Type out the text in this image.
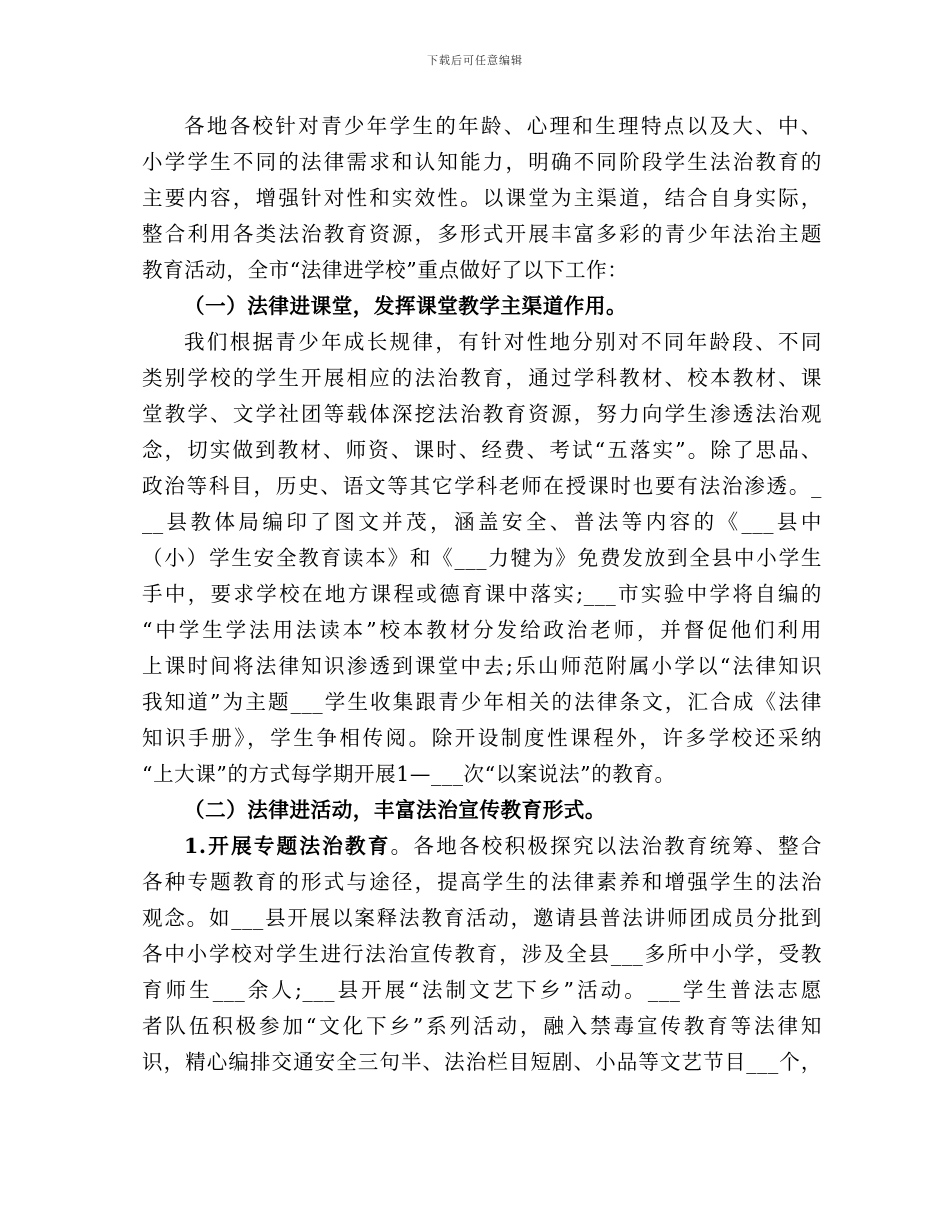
下载后可任意编辑
各地各校针对青少年学生的年龄、心理和生理特点以及大、中、
小学学生不同的法律需求和认知能力，明确不同阶段学生法治教育的
主要内容，增强针对性和实效性。以课堂为主渠道，结合自身实际，
整合利用各类法治教育资源，多形式开展丰富多彩的青少年法治主题
教育活动，全市“法律进学校”重点做好了以下工作：
（一）法律进课堂，发挥课堂教学主渠道作用。
我们根据青少年成长规律，有针对性地分别对不同年龄段、不同
类别学校的学生开展相应的法治教育，通过学科教材、校本教材、课
堂教学、文学社团等载体深挖法治教育资源，努力向学生渗透法治观
念，切实做到教材、师资、课时、经费、考试“五落实”。除了思品、
政治等科目，历史、语文等其它学科老师在授课时也要有法治渗透。_
__县教体局编印了图文并茂，涵盖安全、普法等内容的《___县中
（小）学生安全教育读本》和《___力犍为》免费发放到全县中小学生
手中，要求学校在地方课程或德育课中落实;___市实验中学将自编的
“中学生学法用法读本”校本教材分发给政治老师，并督促他们利用
上课时间将法律知识渗透到课堂中去;乐山师范附属小学以“法律知识
我知道”为主题___学生收集跟青少年相关的法律条文，汇合成《法律
知识手册》，学生争相传阅。除开设制度性课程外，许多学校还采纳
“上大课”的方式每学期开展1—___次“以案说法”的教育。
（二）法律进活动，丰富法治宣传教育形式。
1.开展专题法治教育。各地各校积极探究以法治教育统筹、整合
各种专题教育的形式与途径，提高学生的法律素养和增强学生的法治
观念。如___县开展以案释法教育活动，邀请县普法讲师团成员分批到
各中小学校对学生进行法治宣传教育，涉及全县___多所中小学，受教
育师生___余人;___县开展“法制文艺下乡”活动。___学生普法志愿
者队伍积极参加“文化下乡”系列活动，融入禁毒宣传教育等法律知
识，精心编排交通安全三句半、法治栏目短剧、小品等文艺节目___个，
